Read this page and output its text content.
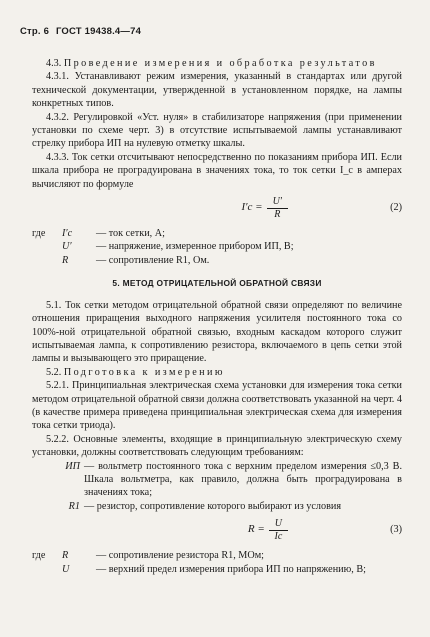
Стр. 6 ГОСТ 19438.4—74

4.3. Проведение измерения и обработка результатов

4.3.1. Устанавливают режим измерения, указанный в стандартах или другой технической документации, утвержденной в установленном порядке, на лампы конкретных типов.

4.3.2. Регулировкой «Уст. нуля» в стабилизаторе напряжения (при применении установки по схеме черт. 3) в отсутствие испытываемой лампы устанавливают стрелку прибора ИП на нулевую отметку шкалы.

4.3.3. Ток сетки отсчитывают непосредственно по показаниям прибора ИП. Если шкала прибора не проградуирована в значениях тока, то ток сетки I_c в амперах вычисляют по формуле

$I'c = \frac{U'}{R}$	(2)
где	I′c	— ток сетки, А;
U′	— напряжение, измеренное прибором ИП, В;
R	— сопротивление R1, Ом.
5. МЕТОД ОТРИЦАТЕЛЬНОЙ ОБРАТНОЙ СВЯЗИ

5.1. Ток сетки методом отрицательной обратной связи определяют по величине отношения приращения выходного напряжения усилителя постоянного тока со 100%-ной отрицательной обратной связью, входным каскадом которого служит испытываемая лампа, к сопротивлению резистора, включаемого в цепь сетки этой лампы и вызывающего это приращение.

5.2. Подготовка к измерению

5.2.1. Принципиальная электрическая схема установки для измерения тока сетки методом отрицательной обратной связи должна соответствовать указанной на черт. 4 (в качестве примера приведена принципиальная электрическая схема для измерения тока сетки триода).

5.2.2. Основные элементы, входящие в принципиальную электрическую схему установки, должны соответствовать следующим требованиям:

ИП — вольтметр постоянного тока с верхним пределом измерения ≤0,3 В. Шкала вольтметра, как правило, должна быть проградуирована в значениях тока;
R1 — резистор, сопротивление которого выбирают из условия
$R = \frac{U}{Ic}$	(3)
где	R	— сопротивление резистора R1, МОм;
U	— верхний предел измерения прибора ИП по напряжению, В;
